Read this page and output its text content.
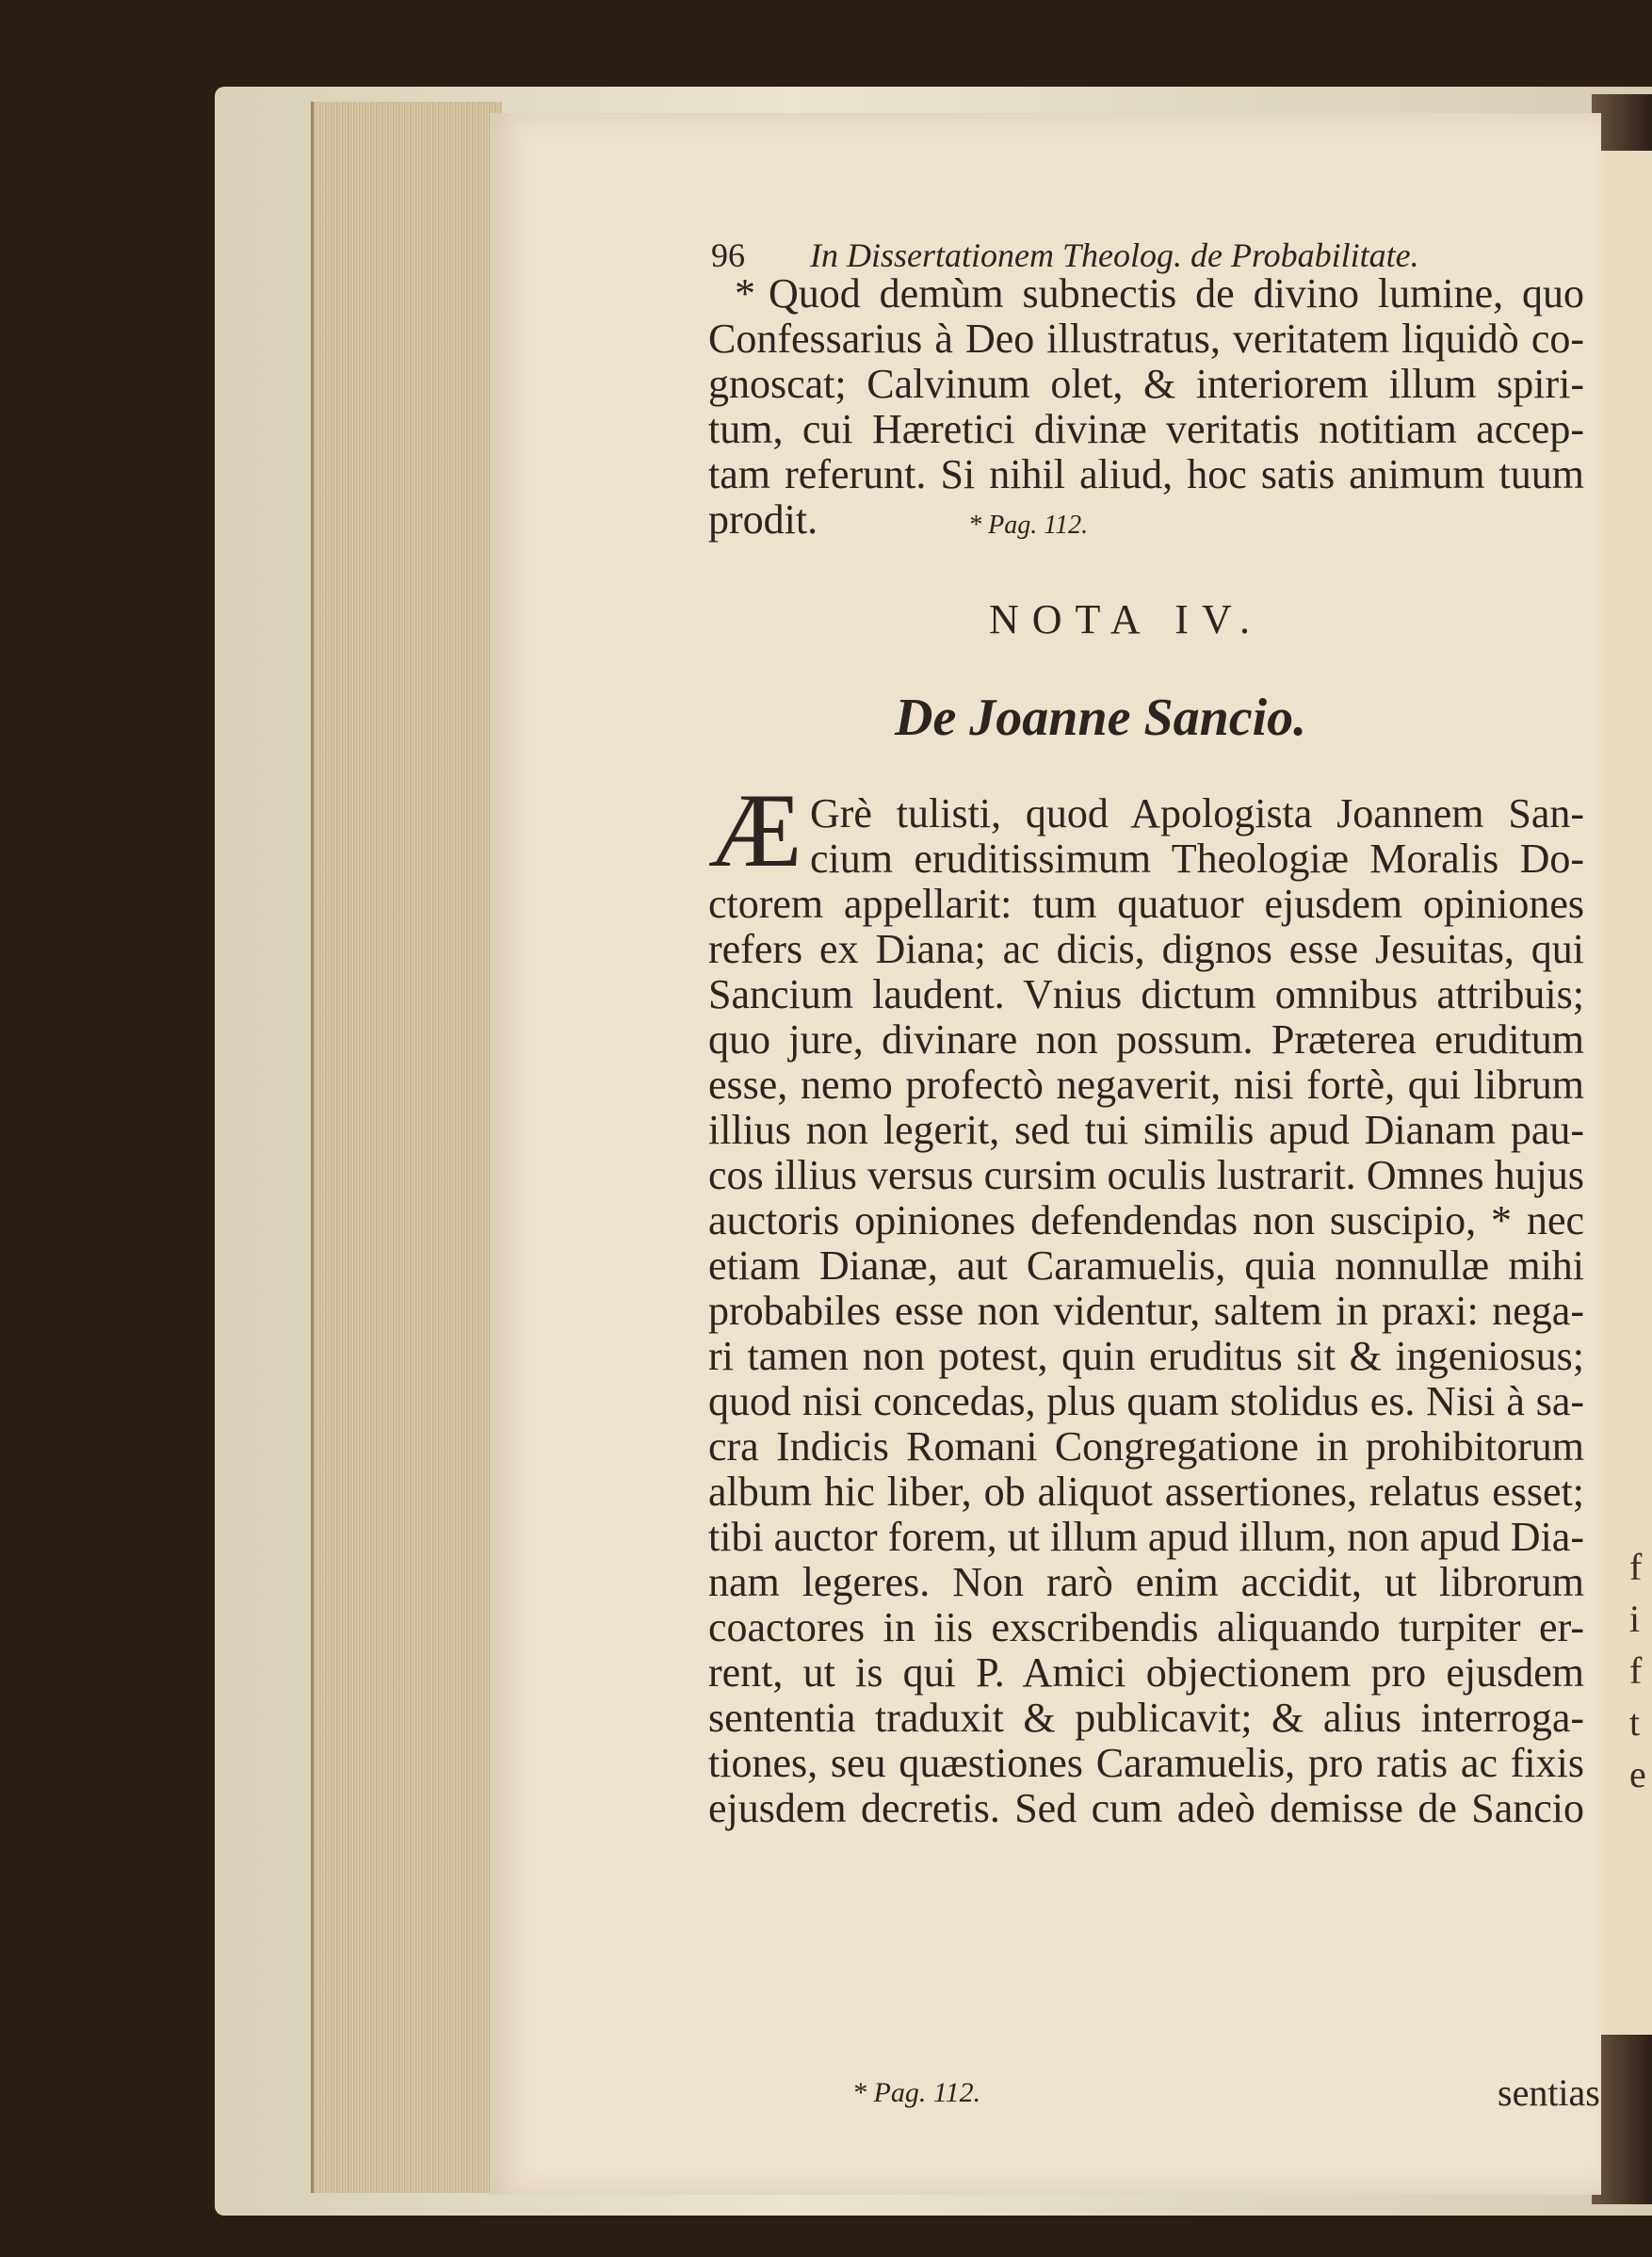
96 In Dissertationem Theolog. de Probabilitate.
* Quod demùm subnectis de divino lumine, quo
Confessarius à Deo illustratus, veritatem liquidò co-
gnoscat; Calvinum olet, & interiorem illum spiri-
tum, cui Hæretici divinæ veritatis notitiam accep-
tam referunt. Si nihil aliud, hoc satis animum tuum
prodit.	* Pag. 112.
NOTA IV.
De Joanne Sancio.
Æ Grè tulisti, quod Apologista Joannem San-
cium eruditissimum Theologiæ Moralis Do-
ctorem appellarit: tum quatuor ejusdem opiniones
refers ex Diana; ac dicis, dignos esse Jesuitas, qui
Sancium laudent. Vnius dictum omnibus attribuis;
quo jure, divinare non possum. Præterea eruditum
esse, nemo profectò negaverit, nisi fortè, qui librum
illius non legerit, sed tui similis apud Dianam pau-
cos illius versus cursim oculis lustrarit. Omnes hujus
auctoris opiniones defendendas non suscipio, * nec
etiam Dianæ, aut Caramuelis, quia nonnullæ mihi
probabiles esse non videntur, saltem in praxi: nega-
ri tamen non potest, quin eruditus sit & ingeniosus;
quod nisi concedas, plus quam stolidus es. Nisi à sa-
cra Indicis Romani Congregatione in prohibitorum
album hic liber, ob aliquot assertiones, relatus esset;
tibi auctor forem, ut illum apud illum, non apud Dia-
nam legeres. Non rarò enim accidit, ut librorum
coactores in iis exscribendis aliquando turpiter er-
rent, ut is qui P. Amici objectionem pro ejusdem
sententia traduxit & publicavit; & alius interroga-
tiones, seu quæstiones Caramuelis, pro ratis ac fixis
ejusdem decretis. Sed cum adeò demisse de Sancio
* Pag. 112.	sentias
f
i
f
t
e
